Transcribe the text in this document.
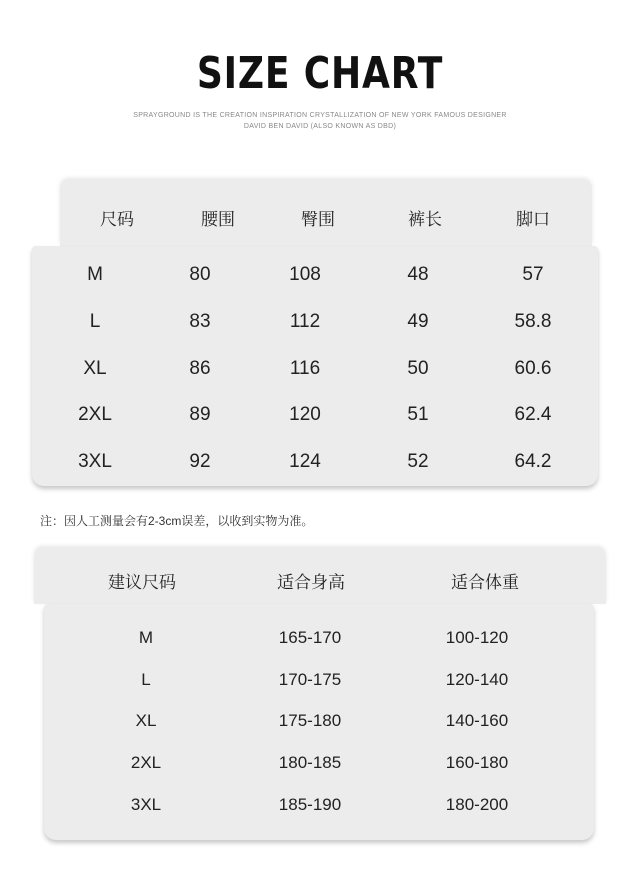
SIZE CHART
SPRAYGROUND IS THE CREATION INSPIRATION CRYSTALLIZATION OF NEW YORK FAMOUS DESIGNER
DAVID BEN DAVID (ALSO KNOWN AS DBD)
尺码	腰围	臀围	裤长	脚口
M	80	108	48	57
L	83	112	49	58.8
XL	86	116	50	60.6
2XL	89	120	51	62.4
3XL	92	124	52	64.2
注：因人工测量会有2-3cm误差，以收到实物为准。
建议尺码	适合身高	适合体重
M	165-170	100-120
L	170-175	120-140
XL	175-180	140-160
2XL	180-185	160-180
3XL	185-190	180-200
